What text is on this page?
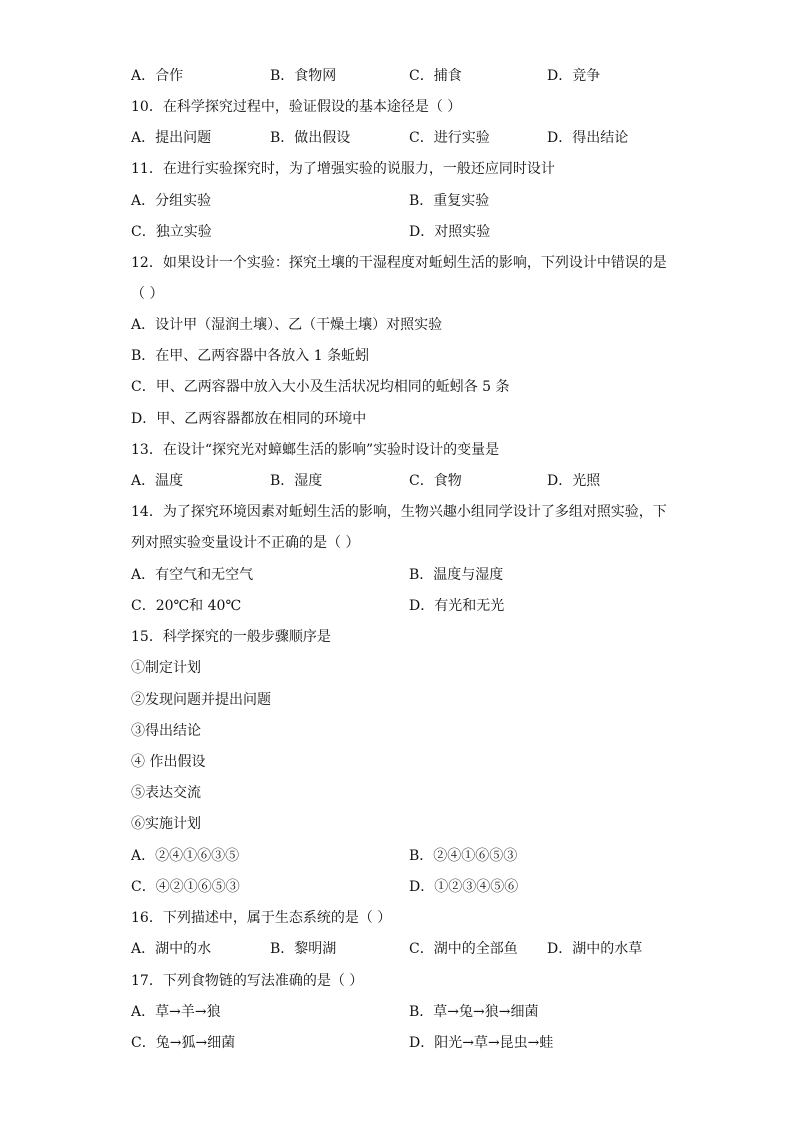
A．合作	B．食物网	C．捕食	D．竞争
10．在科学探究过程中，验证假设的基本途径是（ ）
A．提出问题	B．做出假设	C．进行实验	D．得出结论
11．在进行实验探究时，为了增强实验的说服力，一般还应同时设计
A．分组实验	B．重复实验
C．独立实验	D．对照实验
12．如果设计一个实验：探究土壤的干湿程度对蚯蚓生活的影响，下列设计中错误的是
（ ）
A．设计甲（湿润土壤）、乙（干燥土壤）对照实验
B．在甲、乙两容器中各放入 1 条蚯蚓
C．甲、乙两容器中放入大小及生活状况均相同的蚯蚓各 5 条
D．甲、乙两容器都放在相同的环境中
13．在设计“探究光对蟑螂生活的影响”实验时设计的变量是
A．温度	B．湿度	C．食物	D．光照
14．为了探究环境因素对蚯蚓生活的影响，生物兴趣小组同学设计了多组对照实验，下
列对照实验变量设计不正确的是（ ）
A．有空气和无空气	B．温度与湿度
C．20℃和 40℃	D．有光和无光
15．科学探究的一般步骤顺序是
①制定计划
②发现问题并提出问题
③得出结论
④ 作出假设
⑤表达交流
⑥实施计划
A．②④①⑥③⑤	B．②④①⑥⑤③
C．④②①⑥⑤③	D．①②③④⑤⑥
16．下列描述中，属于生态系统的是（ ）
A．湖中的水	B．黎明湖	C．湖中的全部鱼 D．湖中的水草
17．下列食物链的写法准确的是（ ）
A．草→羊→狼	B．草→兔→狼→细菌
C．兔→狐→细菌	D．阳光→草→昆虫→蛙
